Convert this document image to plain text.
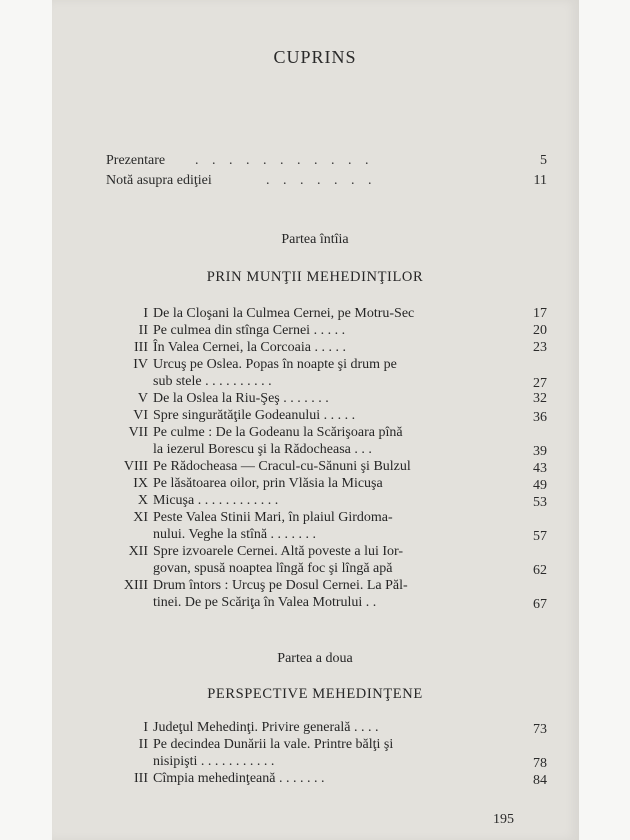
CUPRINS
Prezentare . . . . . . . . . . .	5
Notă asupra ediţiei	. . . . . . .	11
Partea întîia
PRIN MUNŢII MEHEDINŢILOR
I De la Cloşani la Culmea Cernei, pe Motru-Sec	17
II Pe culmea din stînga Cernei . . . . .	20
III În Valea Cernei, la Corcoaia . . . . .	23
IV Urcuş pe Oslea. Popas în noapte şi drum pe
sub stele . . . . . . . . . .	27
V De la Oslea la Riu-Şeş . . . . . . .	32
VI Spre singurătăţile Godeanului . . . . .	36
VII Pe culme : De la Godeanu la Scărişoara pînă
la iezerul Borescu şi la Rădocheasa . . .	39
VIII Pe Rădocheasa — Cracul-cu-Sănuni şi Bulzul	43
IX Pe lăsătoarea oilor, prin Vlăsia la Micuşa	49
X Micuşa . . . . . . . . . . . .	53
XI Peste Valea Stinii Mari, în plaiul Girdoma-
nului. Veghe la stînă . . . . . . .	57
XII Spre izvoarele Cernei. Altă poveste a lui Ior-
govan, spusă noaptea lîngă foc şi lîngă apă	62
XIII Drum întors : Urcuş pe Dosul Cernei. La Păl-
tinei. De pe Scăriţa în Valea Motrului . .	67
Partea a doua
PERSPECTIVE MEHEDINŢENE
I Judeţul Mehedinţi. Privire generală . . . .	73
II Pe decindea Dunării la vale. Printre bălţi şi
nisipişti . . . . . . . . . . .	78
III Cîmpia mehedinţeană . . . . . . .	84
195
